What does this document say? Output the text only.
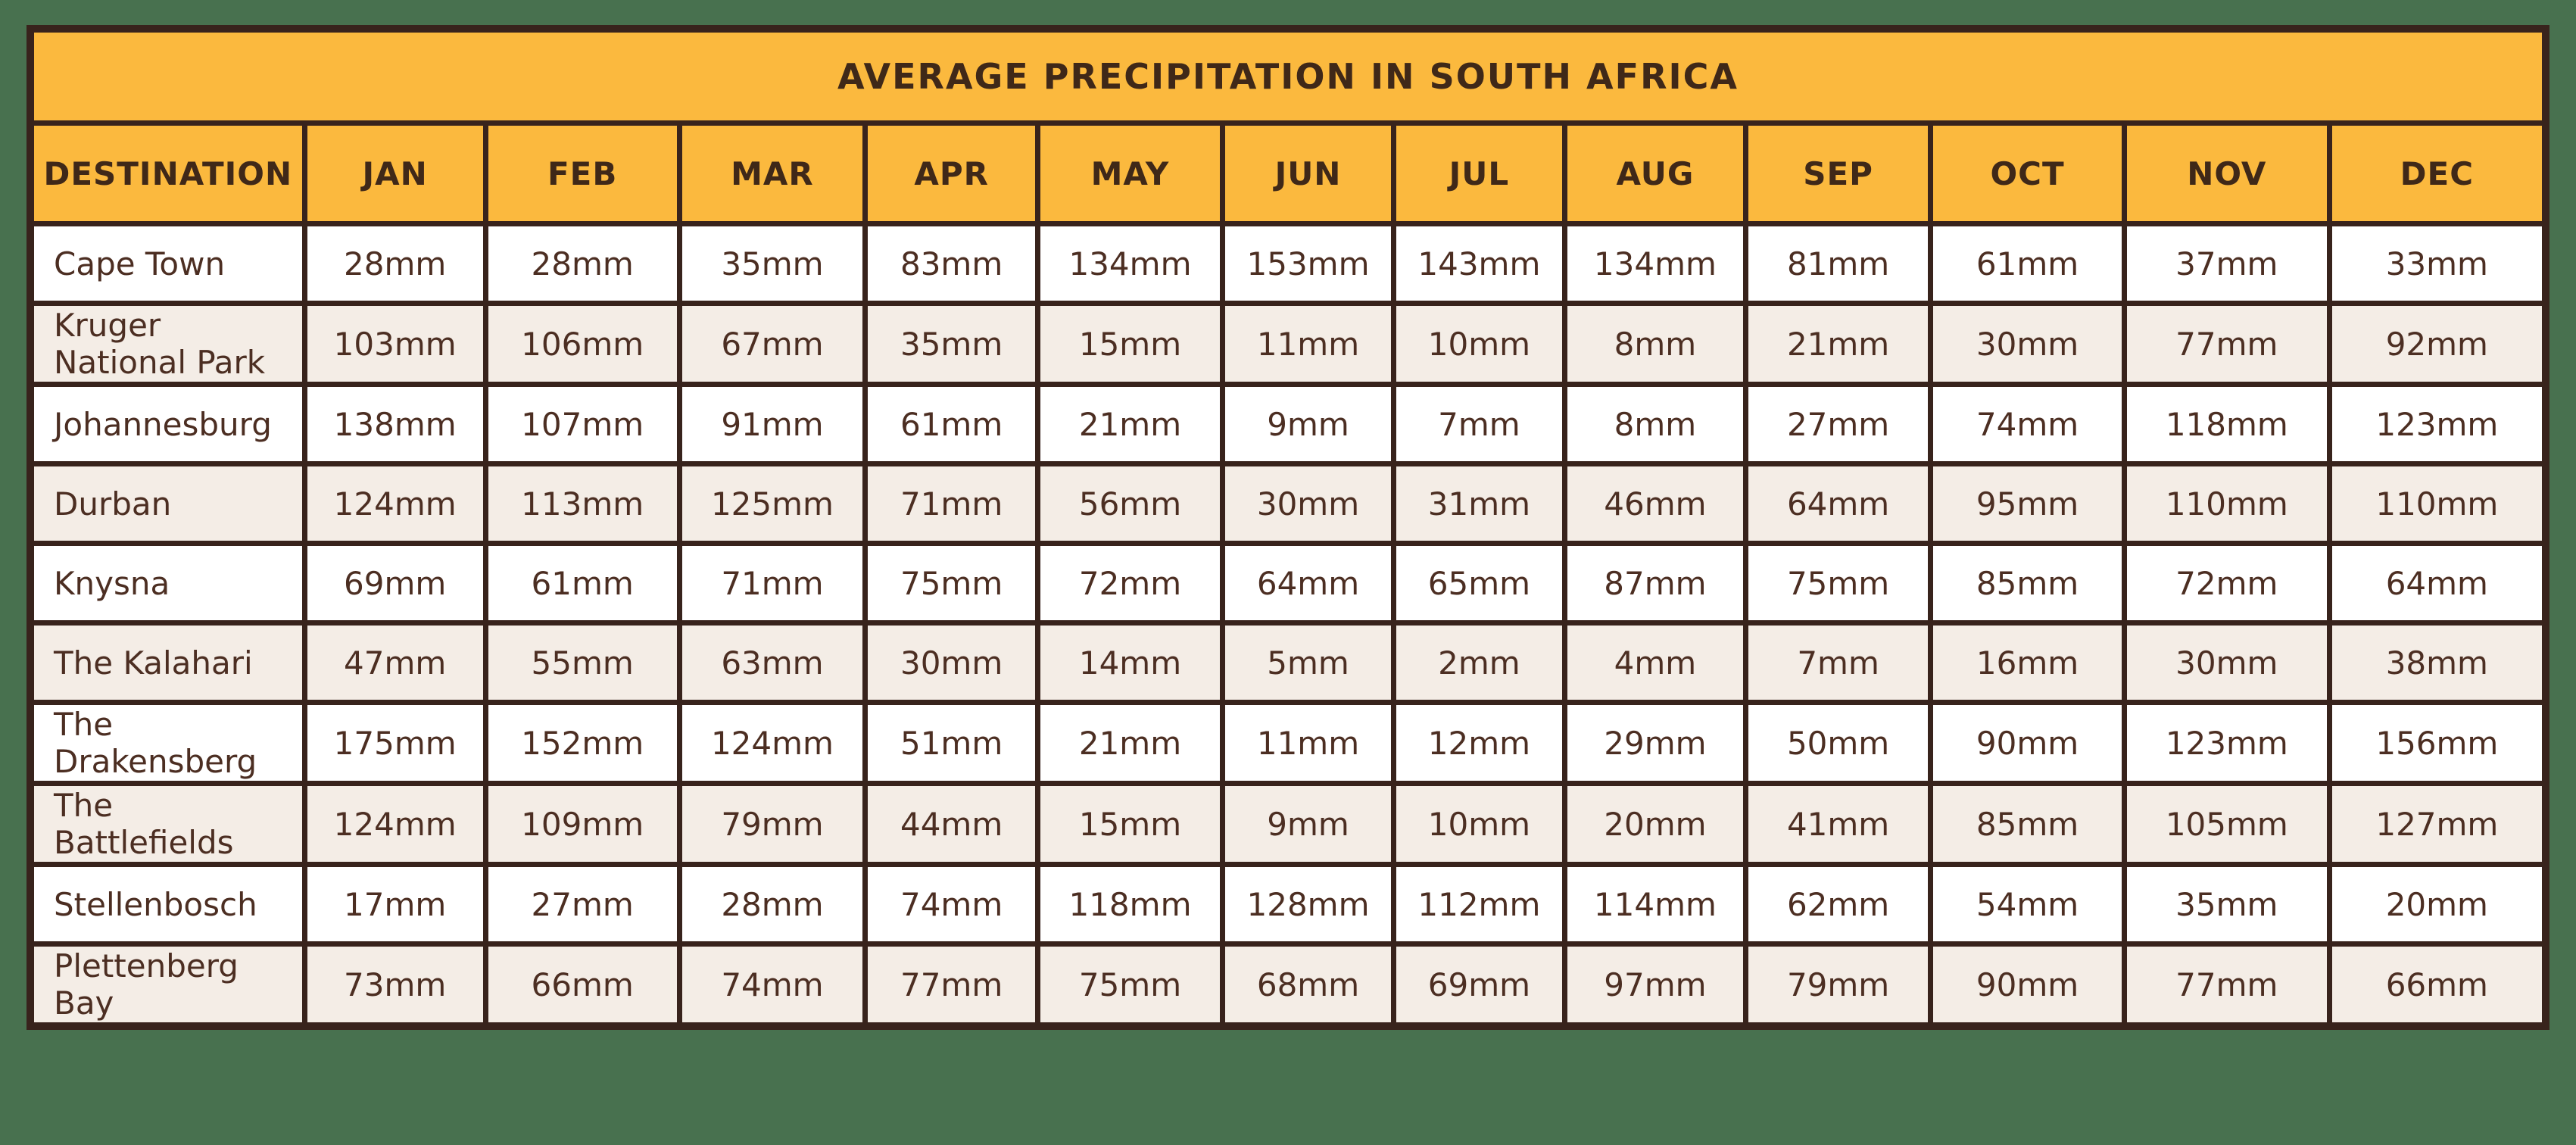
AVERAGE PRECIPITATION IN SOUTH AFRICA												
DESTINATION	JAN	FEB	MAR	APR	MAY	JUN	JUL	AUG	SEP	OCT	NOV	DEC
Cape Town	28mm	28mm	35mm	83mm	134mm	153mm	143mm	134mm	81mm	61mm	37mm	33mm
Kruger National Park	103mm	106mm	67mm	35mm	15mm	11mm	10mm	8mm	21mm	30mm	77mm	92mm
Johannesburg	138mm	107mm	91mm	61mm	21mm	9mm	7mm	8mm	27mm	74mm	118mm	123mm
Durban	124mm	113mm	125mm	71mm	56mm	30mm	31mm	46mm	64mm	95mm	110mm	110mm
Knysna	69mm	61mm	71mm	75mm	72mm	64mm	65mm	87mm	75mm	85mm	72mm	64mm
The Kalahari	47mm	55mm	63mm	30mm	14mm	5mm	2mm	4mm	7mm	16mm	30mm	38mm
The Drakensberg	175mm	152mm	124mm	51mm	21mm	11mm	12mm	29mm	50mm	90mm	123mm	156mm
The Battlefields	124mm	109mm	79mm	44mm	15mm	9mm	10mm	20mm	41mm	85mm	105mm	127mm
Stellenbosch	17mm	27mm	28mm	74mm	118mm	128mm	112mm	114mm	62mm	54mm	35mm	20mm
Plettenberg Bay	73mm	66mm	74mm	77mm	75mm	68mm	69mm	97mm	79mm	90mm	77mm	66mm
